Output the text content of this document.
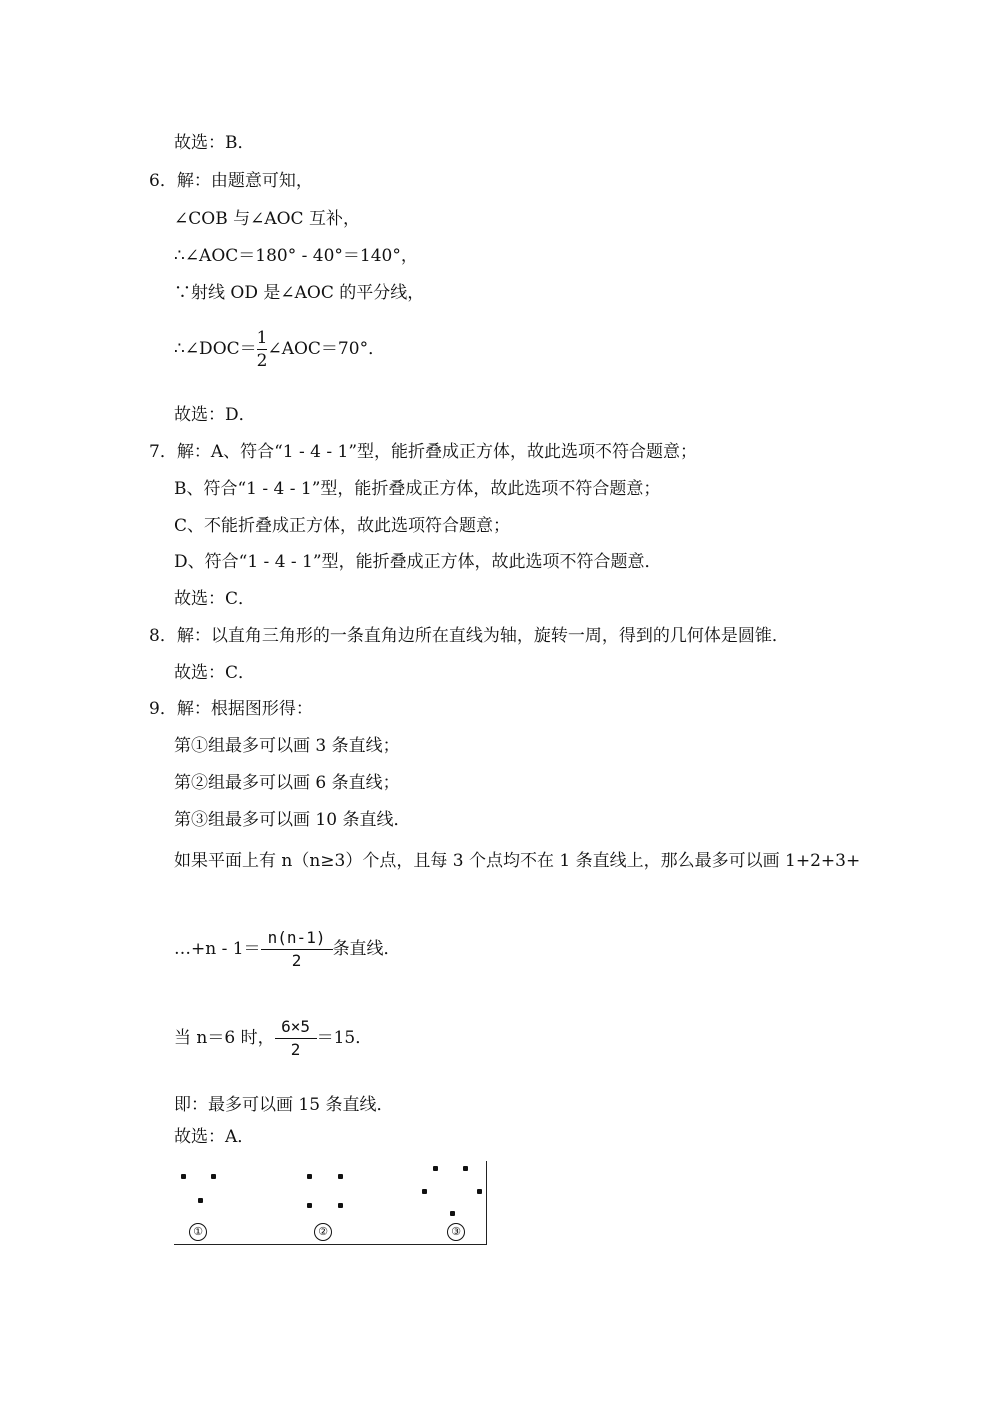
故选：B．
6．解：由题意可知，
∠COB 与∠AOC 互补，
∴∠AOC＝180° - 40°＝140°，
∵射线 OD 是∠AOC 的平分线，
∴∠DOC＝ $\frac{1}{2}$ ∠AOC＝70°．
故选：D．
7．解：A、符合“1 - 4 - 1”型，能折叠成正方体，故此选项不符合题意；
B、符合“1 - 4 - 1”型，能折叠成正方体，故此选项不符合题意；
C、不能折叠成正方体，故此选项符合题意；
D、符合“1 - 4 - 1”型，能折叠成正方体，故此选项不符合题意．
故选：C．
8．解：以直角三角形的一条直角边所在直线为轴，旋转一周，得到的几何体是圆锥．
故选：C．
9．解：根据图形得：
第①组最多可以画 3 条直线；
第②组最多可以画 6 条直线；
第③组最多可以画 10 条直线．
如果平面上有 n（n≥3）个点，且每 3 个点均不在 1 条直线上，那么最多可以画 1+2+3+
…+n - $1= \frac{n(n-1)}{2}$ 条直线．
当 n＝6 时， $\frac{6\times 5}{2} =15$．
即：最多可以画 15 条直线．
故选：A．
①	②	③
